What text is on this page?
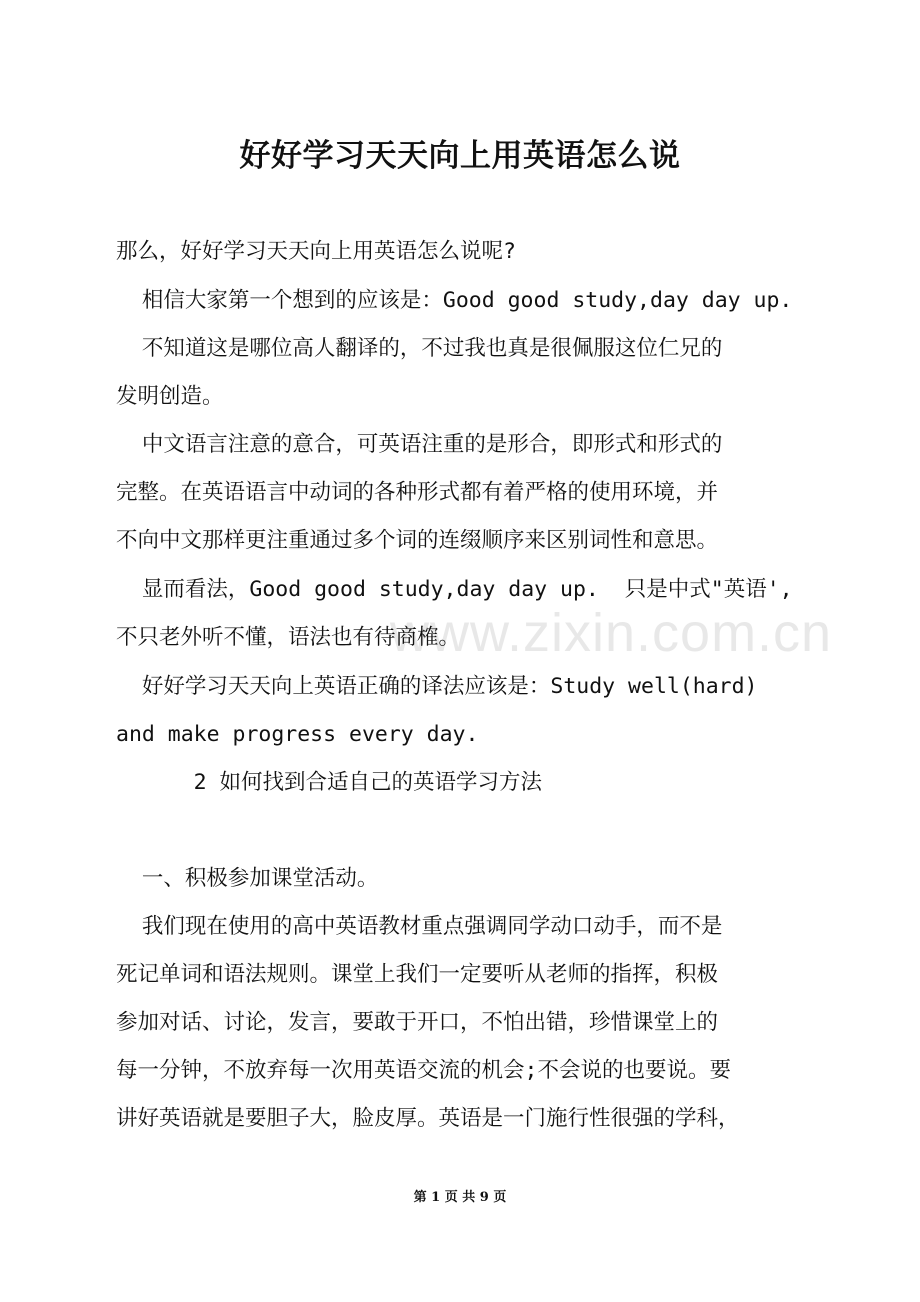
好好学习天天向上用英语怎么说
www.zixin.com.cn

那么，好好学习天天向上用英语怎么说呢?

相信大家第一个想到的应该是：Good good study,day day up.

不知道这是哪位高人翻译的，不过我也真是很佩服这位仁兄的

发明创造。

中文语言注意的意合，可英语注重的是形合，即形式和形式的

完整。在英语语言中动词的各种形式都有着严格的使用环境，并

不向中文那样更注重通过多个词的连缀顺序来区别词性和意思。

显而看法，Good good study,day day up.  只是中式"英语',

不只老外听不懂，语法也有待商榷。

好好学习天天向上英语正确的译法应该是：Study well(hard)

and make progress every day.

2 如何找到合适自己的英语学习方法

一、积极参加课堂活动。

我们现在使用的高中英语教材重点强调同学动口动手，而不是

死记单词和语法规则。课堂上我们一定要听从老师的指挥，积极

参加对话、讨论，发言，要敢于开口，不怕出错，珍惜课堂上的

每一分钟，不放弃每一次用英语交流的机会;不会说的也要说。要

讲好英语就是要胆子大，脸皮厚。英语是一门施行性很强的学科，

第 1 页 共 9 页
